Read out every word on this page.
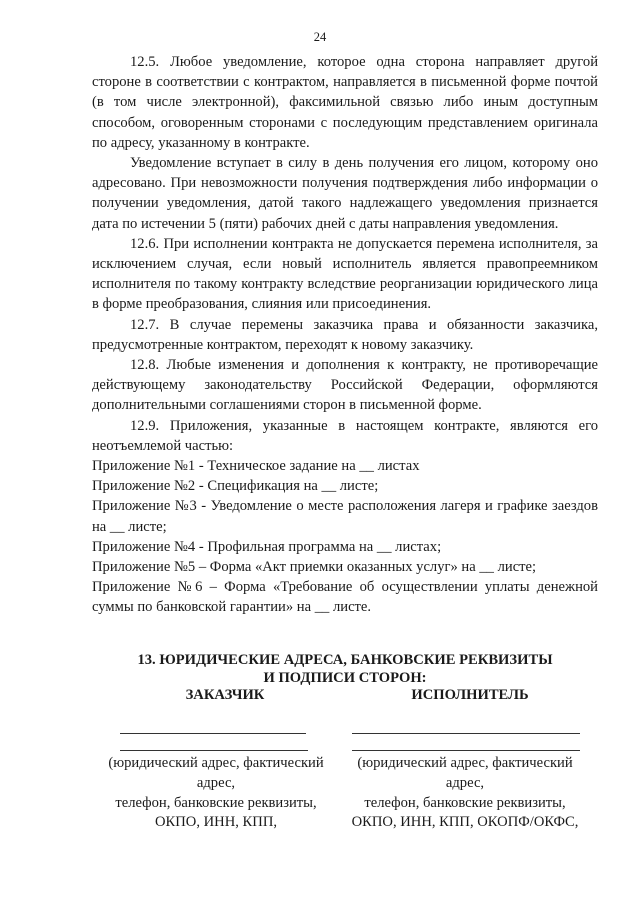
24

12.5. Любое уведомление, которое одна сторона направляет другой стороне в соответствии с контрактом, направляется в письменной форме почтой (в том числе электронной), факсимильной связью либо иным доступным способом, оговоренным сторонами с последующим представлением оригинала по адресу, указанному в контракте.

Уведомление вступает в силу в день получения его лицом, которому оно адресовано. При невозможности получения подтверждения либо информации о получении уведомления, датой такого надлежащего уведомления признается дата по истечении 5 (пяти) рабочих дней с даты направления уведомления.

12.6. При исполнении контракта не допускается перемена исполнителя, за исключением случая, если новый исполнитель является правопреемником исполнителя по такому контракту вследствие реорганизации юридического лица в форме преобразования, слияния или присоединения.

12.7. В случае перемены заказчика права и обязанности заказчика, предусмотренные контрактом, переходят к новому заказчику.

12.8. Любые изменения и дополнения к контракту, не противоречащие действующему законодательству Российской Федерации, оформляются дополнительными соглашениями сторон в письменной форме.

12.9. Приложения, указанные в настоящем контракте, являются его неотъемлемой частью:

Приложение №1 - Техническое задание на __ листах

Приложение №2 - Спецификация на __ листе;

Приложение №3 - Уведомление о месте расположения лагеря и графике заездов на __ листе;

Приложение №4 - Профильная программа на __ листах;

Приложение №5 – Форма «Акт приемки оказанных услуг» на __ листе;

Приложение №6 – Форма «Требование об осуществлении уплаты денежной суммы по банковской гарантии» на __ листе.

13. ЮРИДИЧЕСКИЕ АДРЕСА, БАНКОВСКИЕ РЕКВИЗИТЫ
И ПОДПИСИ СТОРОН:
ЗАКАЗЧИК	ИСПОЛНИТЕЛЬ
(юридический адрес, фактический
адрес,
телефон, банковские реквизиты,
ОКПО, ИНН, КПП,
(юридический адрес, фактический
адрес,
телефон, банковские реквизиты,
ОКПО, ИНН, КПП, ОКОПФ/ОКФС,
